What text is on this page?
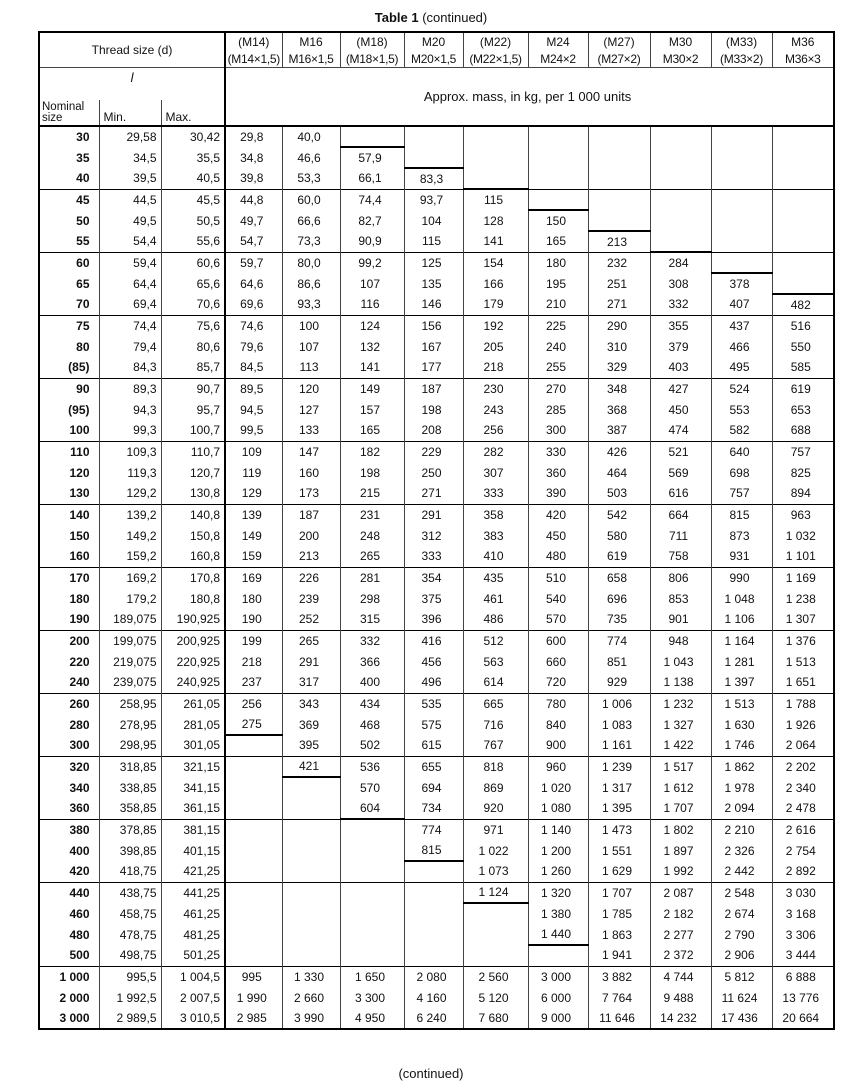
Table 1 (continued)
Thread size (d)			(M14)	M16	(M18)	M20	(M22)	M24	(M27)	M30	(M33)	M36
			(M14×1,5)	M16×1,5	(M18×1,5)	M20×1,5	(M22×1,5)	M24×2	(M27×2)	M30×2	(M33×2)	M36×3
l			Approx. mass, in kg, per 1 000 units									
Nominal size	Min.	Max.										
30	29,58	30,42	29,8	40,0								
35	34,5	35,5	34,8	46,6	57,9							
40	39,5	40,5	39,8	53,3	66,1	83,3						
45	44,5	45,5	44,8	60,0	74,4	93,7	115					
50	49,5	50,5	49,7	66,6	82,7	104	128	150				
55	54,4	55,6	54,7	73,3	90,9	115	141	165	213			
60	59,4	60,6	59,7	80,0	99,2	125	154	180	232	284		
65	64,4	65,6	64,6	86,6	107	135	166	195	251	308	378	
70	69,4	70,6	69,6	93,3	116	146	179	210	271	332	407	482
75	74,4	75,6	74,6	100	124	156	192	225	290	355	437	516
80	79,4	80,6	79,6	107	132	167	205	240	310	379	466	550
(85)	84,3	85,7	84,5	113	141	177	218	255	329	403	495	585
90	89,3	90,7	89,5	120	149	187	230	270	348	427	524	619
(95)	94,3	95,7	94,5	127	157	198	243	285	368	450	553	653
100	99,3	100,7	99,5	133	165	208	256	300	387	474	582	688
110	109,3	110,7	109	147	182	229	282	330	426	521	640	757
120	119,3	120,7	119	160	198	250	307	360	464	569	698	825
130	129,2	130,8	129	173	215	271	333	390	503	616	757	894
140	139,2	140,8	139	187	231	291	358	420	542	664	815	963
150	149,2	150,8	149	200	248	312	383	450	580	711	873	1 032
160	159,2	160,8	159	213	265	333	410	480	619	758	931	1 101
170	169,2	170,8	169	226	281	354	435	510	658	806	990	1 169
180	179,2	180,8	180	239	298	375	461	540	696	853	1 048	1 238
190	189,075	190,925	190	252	315	396	486	570	735	901	1 106	1 307
200	199,075	200,925	199	265	332	416	512	600	774	948	1 164	1 376
220	219,075	220,925	218	291	366	456	563	660	851	1 043	1 281	1 513
240	239,075	240,925	237	317	400	496	614	720	929	1 138	1 397	1 651
260	258,95	261,05	256	343	434	535	665	780	1 006	1 232	1 513	1 788
280	278,95	281,05	275	369	468	575	716	840	1 083	1 327	1 630	1 926
300	298,95	301,05		395	502	615	767	900	1 161	1 422	1 746	2 064
320	318,85	321,15		421	536	655	818	960	1 239	1 517	1 862	2 202
340	338,85	341,15			570	694	869	1 020	1 317	1 612	1 978	2 340
360	358,85	361,15			604	734	920	1 080	1 395	1 707	2 094	2 478
380	378,85	381,15				774	971	1 140	1 473	1 802	2 210	2 616
400	398,85	401,15				815	1 022	1 200	1 551	1 897	2 326	2 754
420	418,75	421,25					1 073	1 260	1 629	1 992	2 442	2 892
440	438,75	441,25					1 124	1 320	1 707	2 087	2 548	3 030
460	458,75	461,25						1 380	1 785	2 182	2 674	3 168
480	478,75	481,25						1 440	1 863	2 277	2 790	3 306
500	498,75	501,25							1 941	2 372	2 906	3 444
1 000	995,5	1 004,5	995	1 330	1 650	2 080	2 560	3 000	3 882	4 744	5 812	6 888
2 000	1 992,5	2 007,5	1 990	2 660	3 300	4 160	5 120	6 000	7 764	9 488	11 624	13 776
3 000	2 989,5	3 010,5	2 985	3 990	4 950	6 240	7 680	9 000	11 646	14 232	17 436	20 664
(continued)
